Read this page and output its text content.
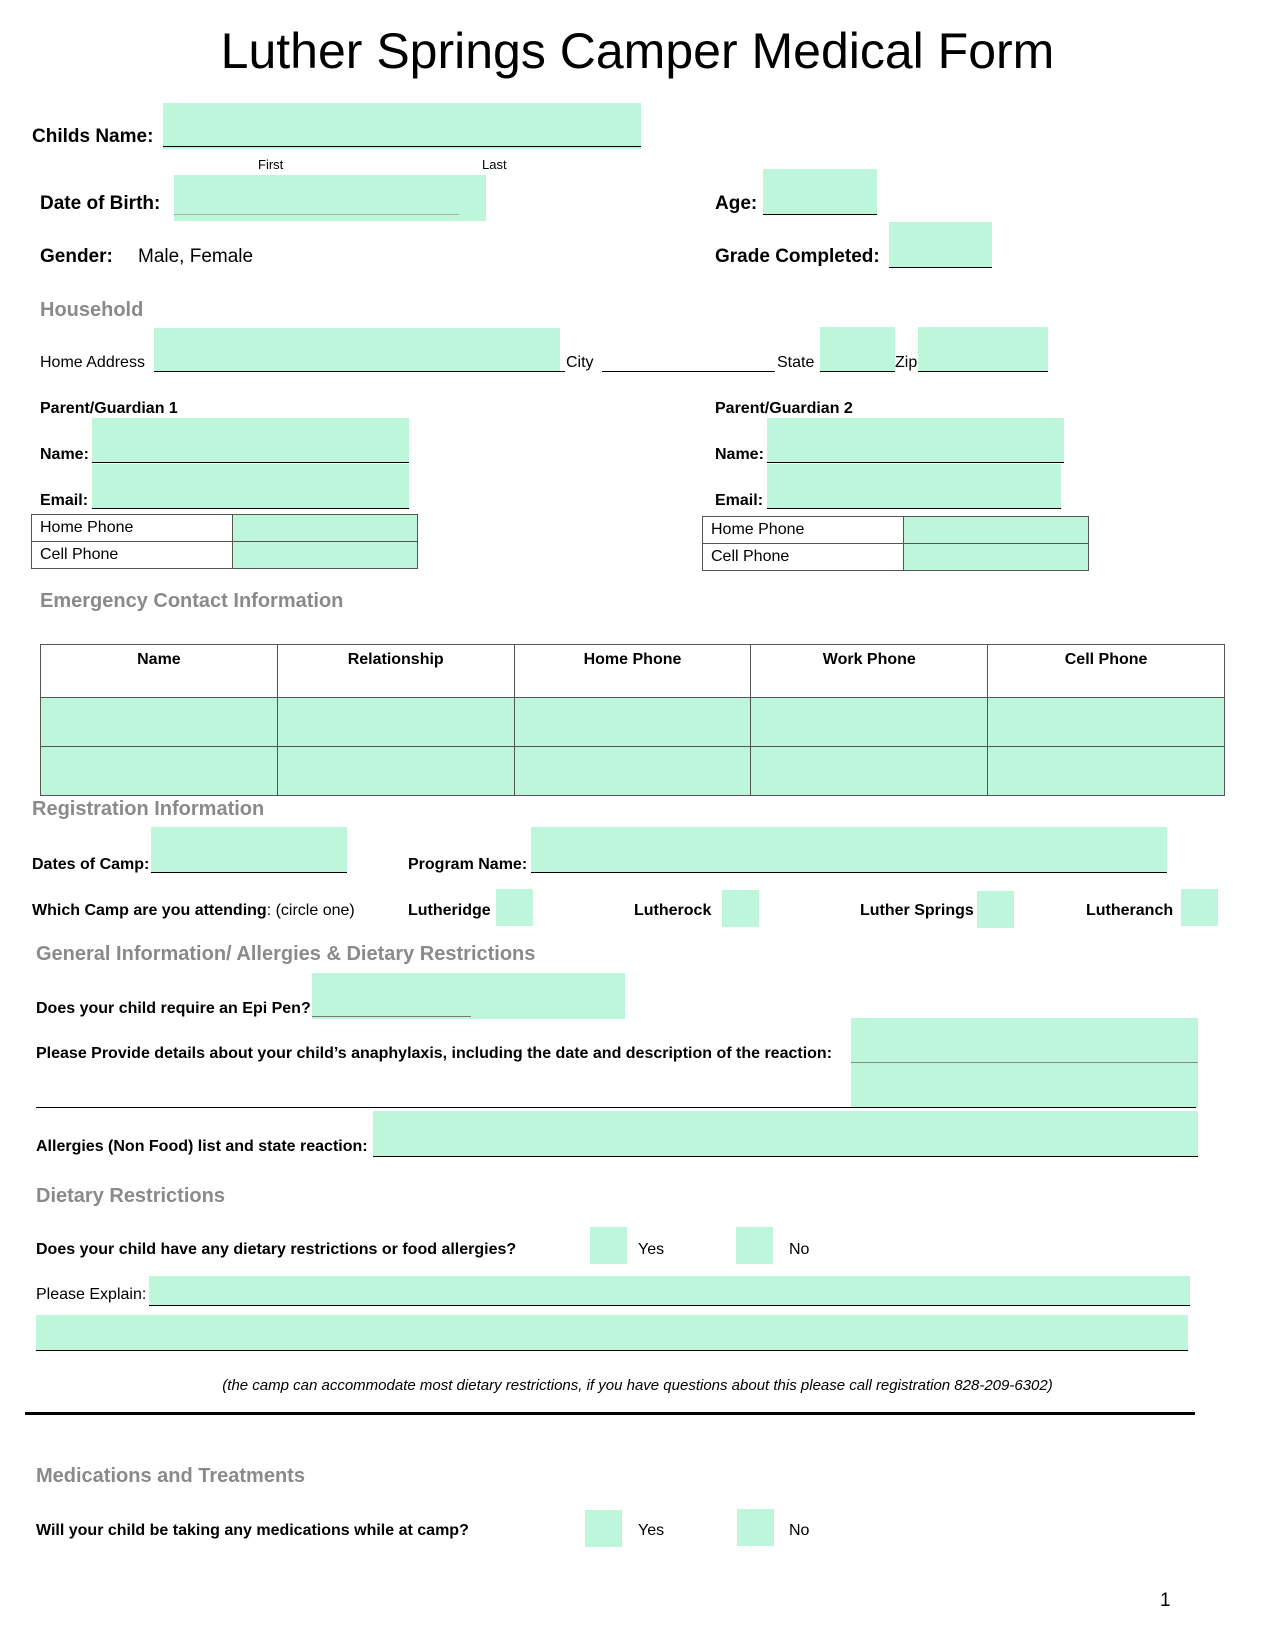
Luther Springs Camper Medical Form
Childs Name:
First	Last
Date of Birth:	Age:
Gender: Male, Female	Grade Completed:
Household
Home Address	City	State	Zip
Parent/Guardian 1
Name:
Email:
Home Phone	
Cell Phone	
Parent/Guardian 2
Name:
Email:
Home Phone	
Cell Phone	
Emergency Contact Information
Name	Relationship	Home Phone	Work Phone	Cell Phone

Registration Information
Dates of Camp:	Program Name:
Which Camp are you attending: (circle one)	Lutheridge	Lutherock	Luther Springs	Lutheranch
General Information/ Allergies & Dietary Restrictions
Does your child require an Epi Pen?
Please Provide details about your child’s anaphylaxis, including the date and description of the reaction:
Allergies (Non Food) list and state reaction:
Dietary Restrictions
Does your child have any dietary restrictions or food allergies?	Yes	No
Please Explain:
(the camp can accommodate most dietary restrictions, if you have questions about this please call registration 828-209-6302)
Medications and Treatments
Will your child be taking any medications while at camp?	Yes	No
1
